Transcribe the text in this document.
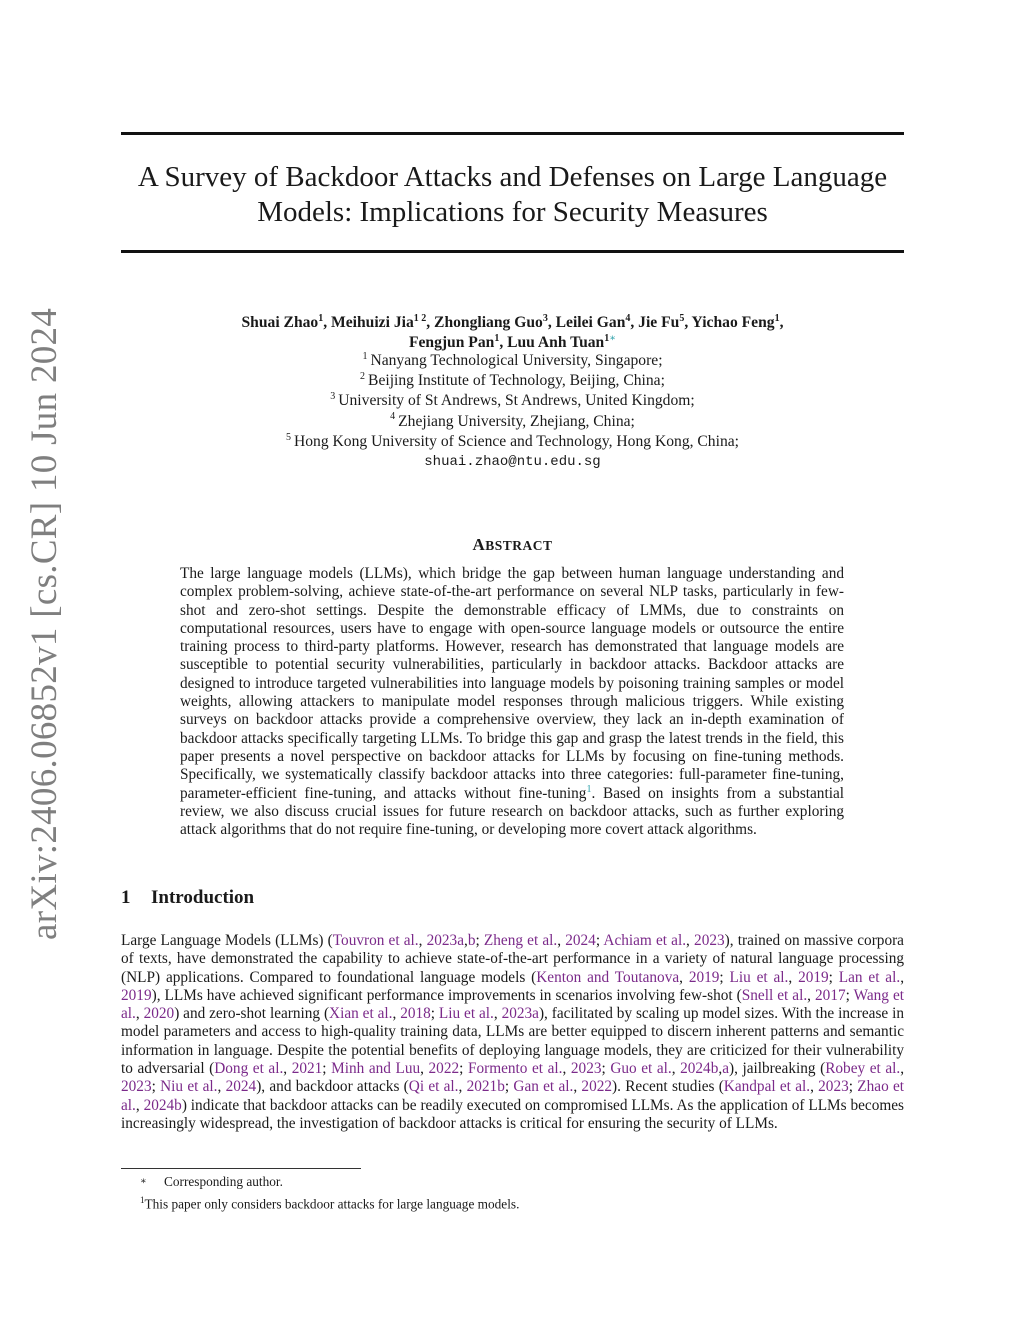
arXiv:2406.06852v1 [cs.CR] 10 Jun 2024
A Survey of Backdoor Attacks and Defenses on Large Language
Models: Implications for Security Measures
Shuai Zhao$^1$, Meihuizi Jia$^{1 2}$, Zhongliang Guo$^3$, Leilei Gan$^4$, Jie Fu$^5$, Yichao Feng$^1$,
Fengjun Pan$^1$, Luu Anh Tuan$^{1∗}$
$^1$ Nanyang Technological University, Singapore;
$^2$ Beijing Institute of Technology, Beijing, China;
$^3$ University of St Andrews, St Andrews, United Kingdom;
$^4$ Zhejiang University, Zhejiang, China;
$^5$ Hong Kong University of Science and Technology, Hong Kong, China;
shuai.zhao@ntu.edu.sg
ABSTRACT
The large language models (LLMs), which bridge the gap between human language understanding and complex problem-solving, achieve state-of-the-art performance on several NLP tasks, particularly in few-shot and zero-shot settings. Despite the demonstrable efficacy of LMMs, due to constraints on computational resources, users have to engage with open-source language models or outsource the entire training process to third-party platforms. However, research has demonstrated that language models are susceptible to potential security vulnerabilities, particularly in backdoor attacks. Backdoor attacks are designed to introduce targeted vulnerabilities into language models by poisoning training samples or model weights, allowing attackers to manipulate model responses through malicious triggers. While existing surveys on backdoor attacks provide a comprehensive overview, they lack an in-depth examination of backdoor attacks specifically targeting LLMs. To bridge this gap and grasp the latest trends in the field, this paper presents a novel perspective on backdoor attacks for LLMs by focusing on fine-tuning methods. Specifically, we systematically classify backdoor attacks into three categories: full-parameter fine-tuning, parameter-efficient fine-tuning, and attacks without fine-tuning$^1$. Based on insights from a substantial review, we also discuss crucial issues for future research on backdoor attacks, such as further exploring attack algorithms that do not require fine-tuning, or developing more covert attack algorithms.
1 Introduction
Large Language Models (LLMs) (Touvron et al., 2023a,b; Zheng et al., 2024; Achiam et al., 2023), trained on massive corpora of texts, have demonstrated the capability to achieve state-of-the-art performance in a variety of natural language processing (NLP) applications. Compared to foundational language models (Kenton and Toutanova, 2019; Liu et al., 2019; Lan et al., 2019), LLMs have achieved significant performance improvements in scenarios involving few-shot (Snell et al., 2017; Wang et al., 2020) and zero-shot learning (Xian et al., 2018; Liu et al., 2023a), facilitated by scaling up model sizes. With the increase in model parameters and access to high-quality training data, LLMs are better equipped to discern inherent patterns and semantic information in language. Despite the potential benefits of deploying language models, they are criticized for their vulnerability to adversarial (Dong et al., 2021; Minh and Luu, 2022; Formento et al., 2023; Guo et al., 2024b,a), jailbreaking (Robey et al., 2023; Niu et al., 2024), and backdoor attacks (Qi et al., 2021b; Gan et al., 2022). Recent studies (Kandpal et al., 2023; Zhao et al., 2024b) indicate that backdoor attacks can be readily executed on compromised LLMs. As the application of LLMs becomes increasingly widespread, the investigation of backdoor attacks is critical for ensuring the security of LLMs.
∗ Corresponding author.
$^1$This paper only considers backdoor attacks for large language models.
